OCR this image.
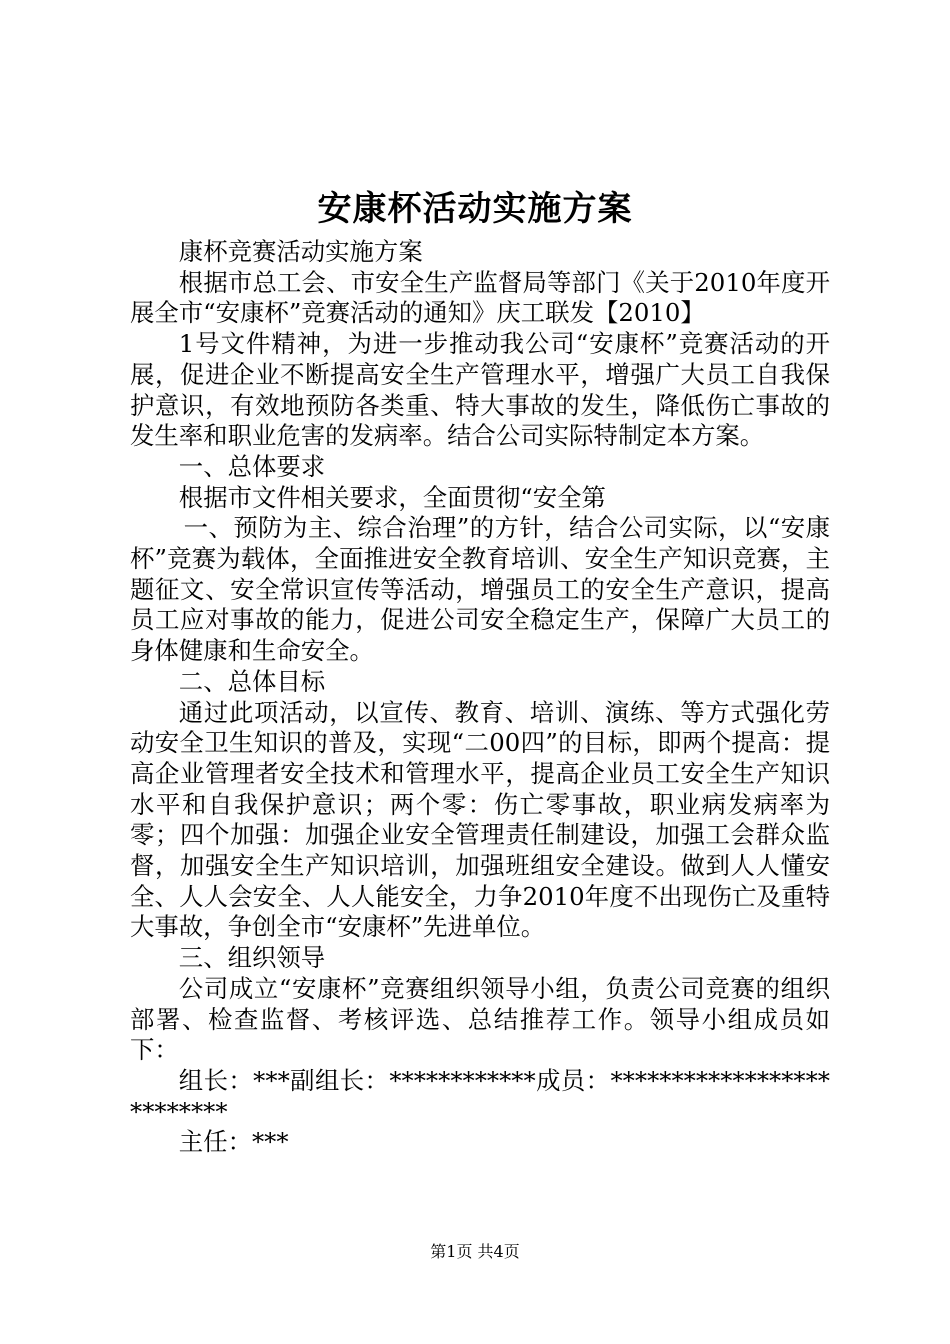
安康杯活动实施方案

康杯竞赛活动实施方案

根据市总工会、市安全生产监督局等部门《关于2010年度开展全市“安康杯”竞赛活动的通知》庆工联发【2010】

1号文件精神，为进一步推动我公司“安康杯”竞赛活动的开展，促进企业不断提高安全生产管理水平，增强广大员工自我保护意识，有效地预防各类重、特大事故的发生，降低伤亡事故的发生率和职业危害的发病率。结合公司实际特制定本方案。

一、总体要求

根据市文件相关要求，全面贯彻“安全第

一、预防为主、综合治理”的方针，结合公司实际，以“安康杯”竞赛为载体，全面推进安全教育培训、安全生产知识竞赛，主题征文、安全常识宣传等活动，增强员工的安全生产意识，提高员工应对事故的能力，促进公司安全稳定生产，保障广大员工的身体健康和生命安全。

二、总体目标

通过此项活动，以宣传、教育、培训、演练、等方式强化劳动安全卫生知识的普及，实现“二00四”的目标，即两个提高：提高企业管理者安全技术和管理水平，提高企业员工安全生产知识水平和自我保护意识；两个零：伤亡零事故，职业病发病率为零；四个加强：加强企业安全管理责任制建设，加强工会群众监督，加强安全生产知识培训，加强班组安全建设。做到人人懂安全、人人会安全、人人能安全，力争2010年度不出现伤亡及重特大事故，争创全市“安康杯”先进单位。

三、组织领导

公司成立“安康杯”竞赛组织领导小组，负责公司竞赛的组织部署、检查监督、考核评选、总结推荐工作。领导小组成员如下：

组长：***副组长：************成员：**************************

主任：***

第1页 共4页
